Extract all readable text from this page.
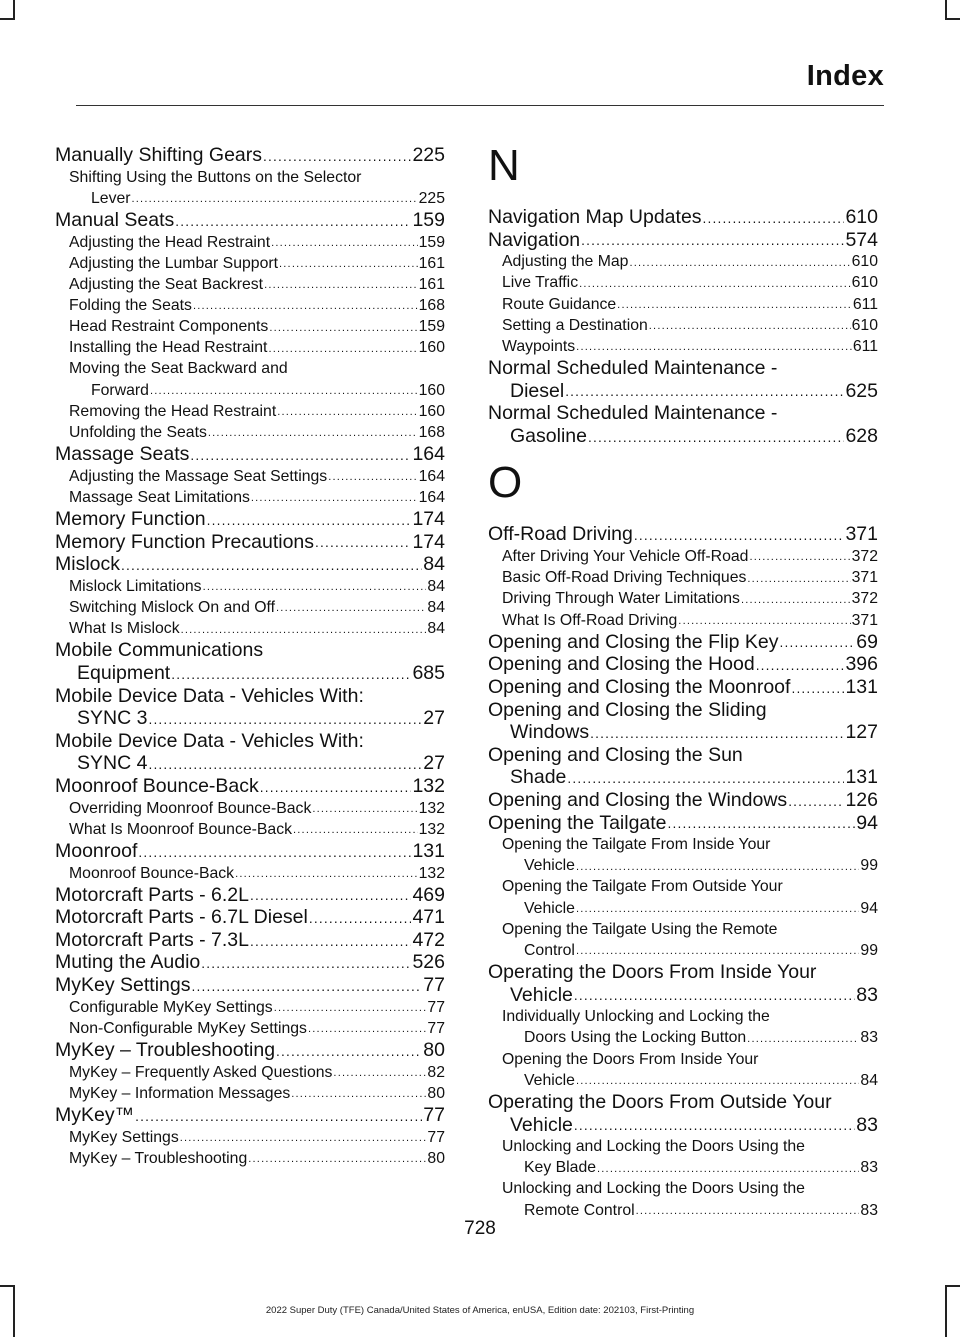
Index
Manually Shifting Gears .....	225
Shifting Using the Buttons on the Selector
Lever .....	225
Manual Seats .....	159
Adjusting the Head Restraint .....	159
Adjusting the Lumbar Support .....	161
Adjusting the Seat Backrest .....	161
Folding the Seats .....	168
Head Restraint Components .....	159
Installing the Head Restraint .....	160
Moving the Seat Backward and
Forward .....	160
Removing the Head Restraint .....	160
Unfolding the Seats .....	168
Massage Seats .....	164
Adjusting the Massage Seat Settings .....	164
Massage Seat Limitations .....	164
Memory Function .....	174
Memory Function Precautions .....	174
Mislock .....	84
Mislock Limitations .....	84
Switching Mislock On and Off .....	84
What Is Mislock .....	84
Mobile Communications
Equipment .....	685
Mobile Device Data - Vehicles With:
SYNC 3 .....	27
Mobile Device Data - Vehicles With:
SYNC 4 .....	27
Moonroof Bounce-Back .....	132
Overriding Moonroof Bounce-Back .....	132
What Is Moonroof Bounce-Back .....	132
Moonroof .....	131
Moonroof Bounce-Back .....	132
Motorcraft Parts - 6.2L .....	469
Motorcraft Parts - 6.7L Diesel .....	471
Motorcraft Parts - 7.3L .....	472
Muting the Audio .....	526
MyKey Settings .....	77
Configurable MyKey Settings .....	77
Non-Configurable MyKey Settings .....	77
MyKey – Troubleshooting .....	80
MyKey – Frequently Asked Questions .....	82
MyKey – Information Messages .....	80
MyKey™ .....	77
MyKey Settings .....	77
MyKey – Troubleshooting .....	80
N
Navigation Map Updates .....	610
Navigation .....	574
Adjusting the Map .....	610
Live Traffic .....	610
Route Guidance .....	611
Setting a Destination .....	610
Waypoints .....	611
Normal Scheduled Maintenance -
Diesel .....	625
Normal Scheduled Maintenance -
Gasoline .....	628
O
Off-Road Driving .....	371
After Driving Your Vehicle Off-Road .....	372
Basic Off-Road Driving Techniques .....	371
Driving Through Water Limitations .....	372
What Is Off-Road Driving .....	371
Opening and Closing the Flip Key .....	69
Opening and Closing the Hood .....	396
Opening and Closing the Moonroof .....	131
Opening and Closing the Sliding
Windows .....	127
Opening and Closing the Sun
Shade .....	131
Opening and Closing the Windows .....	126
Opening the Tailgate .....	94
Opening the Tailgate From Inside Your
Vehicle .....	99
Opening the Tailgate From Outside Your
Vehicle .....	94
Opening the Tailgate Using the Remote
Control .....	99
Operating the Doors From Inside Your
Vehicle .....	83
Individually Unlocking and Locking the
Doors Using the Locking Button .....	83
Opening the Doors From Inside Your
Vehicle .....	84
Operating the Doors From Outside Your
Vehicle .....	83
Unlocking and Locking the Doors Using the
Key Blade .....	83
Unlocking and Locking the Doors Using the
Remote Control .....	83
728
2022 Super Duty (TFE) Canada/United States of America, enUSA, Edition date: 202103, First-Printing
